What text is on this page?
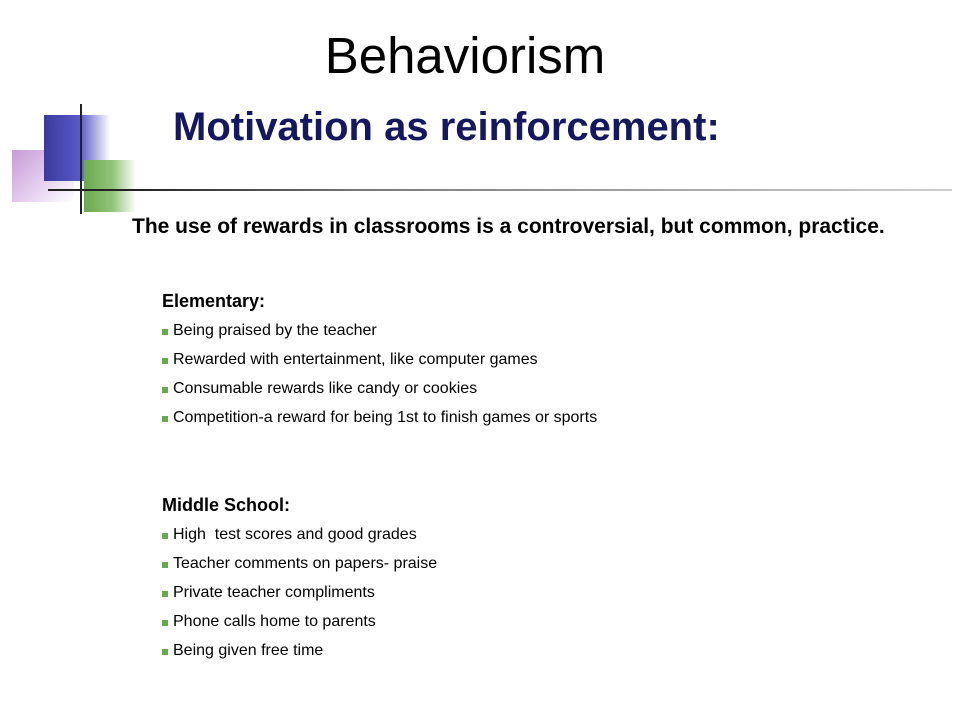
Behaviorism
Motivation as reinforcement:
The use of rewards in classrooms is a controversial, but common, practice.
Elementary:
Being praised by the teacher
Rewarded with entertainment, like computer games
Consumable rewards like candy or cookies
Competition-a reward for being 1st to finish games or sports
Middle School:
High  test scores and good grades
Teacher comments on papers- praise
Private teacher compliments
Phone calls home to parents
Being given free time
